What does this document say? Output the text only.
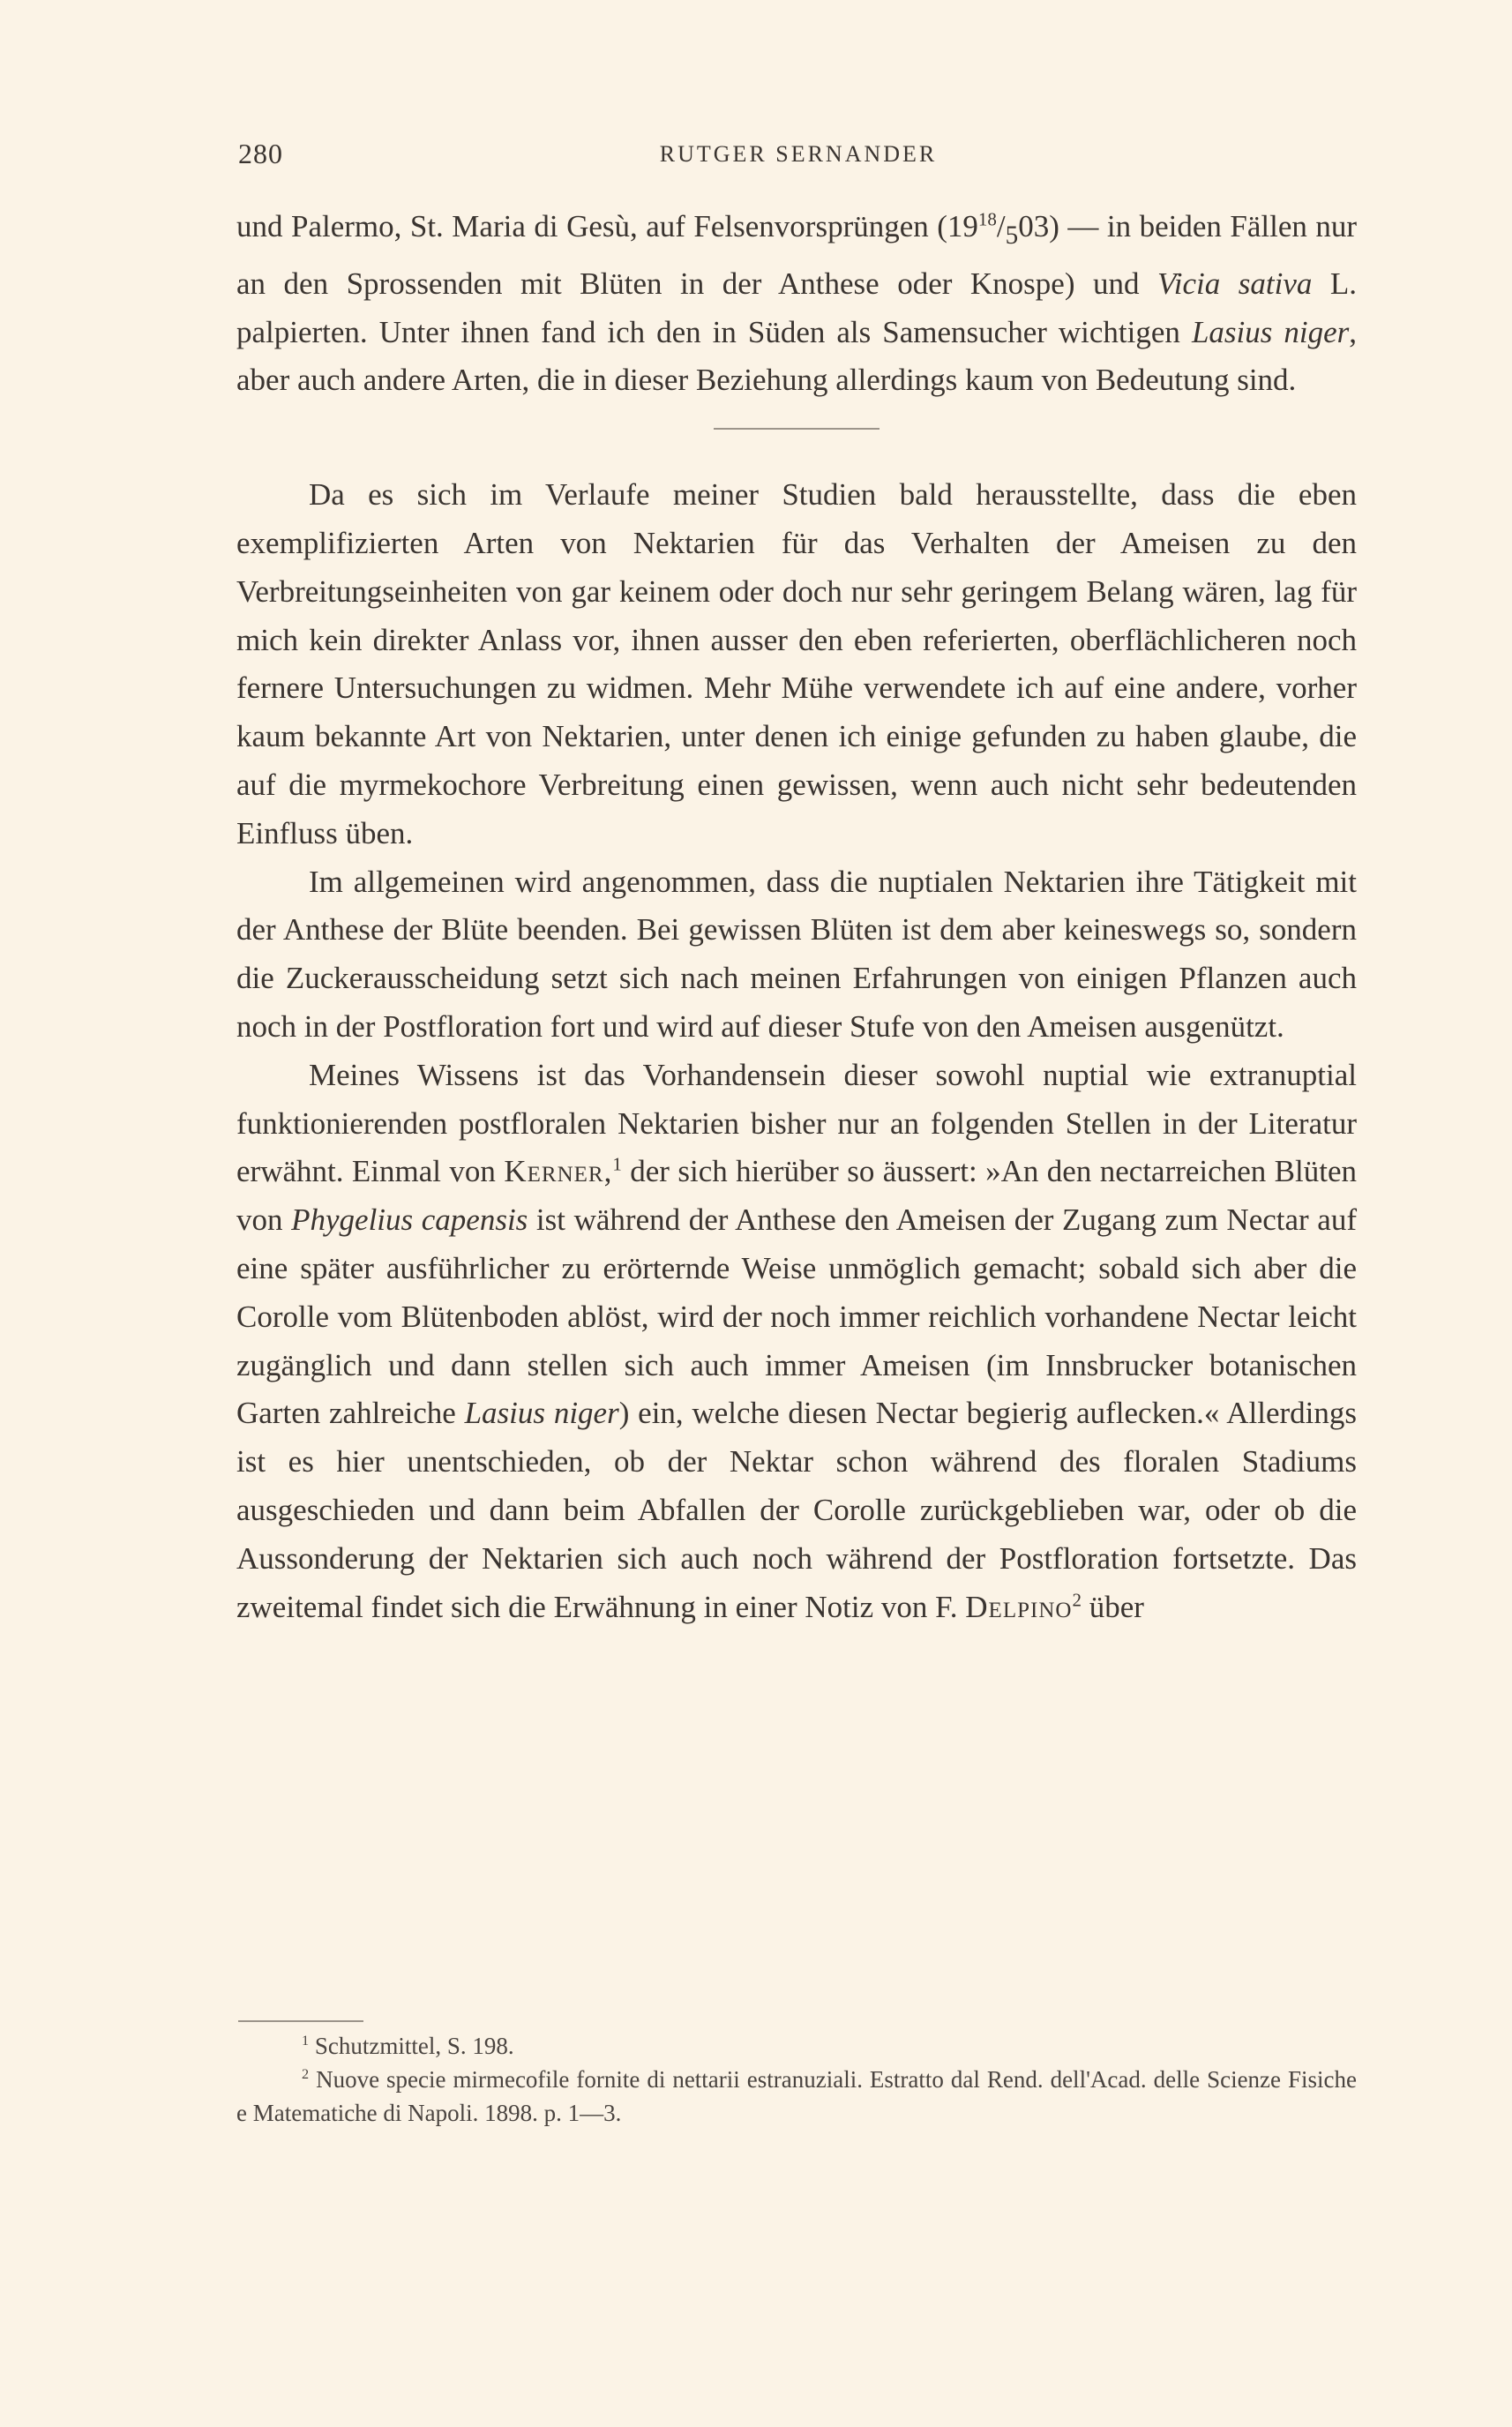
280	RUTGER SERNANDER

und Palermo, St. Maria di Gesù, auf Felsenvorsprüngen $(19^{18}/_503)$ — in beiden Fällen nur an den Sprossenden mit Blüten in der Anthese oder Knospe) und Vicia sativa L. palpierten. Unter ihnen fand ich den in Süden als Samensucher wichtigen Lasius niger, aber auch andere Arten, die in dieser Beziehung allerdings kaum von Bedeutung sind.

Da es sich im Verlaufe meiner Studien bald herausstellte, dass die eben exemplifizierten Arten von Nektarien für das Verhalten der Ameisen zu den Verbreitungseinheiten von gar keinem oder doch nur sehr geringem Belang wären, lag für mich kein direkter Anlass vor, ihnen ausser den eben referierten, oberflächlicheren noch fernere Untersuchungen zu widmen. Mehr Mühe verwendete ich auf eine andere, vorher kaum bekannte Art von Nektarien, unter denen ich einige gefunden zu haben glaube, die auf die myrmekochore Verbreitung einen gewissen, wenn auch nicht sehr bedeutenden Einfluss üben.

Im allgemeinen wird angenommen, dass die nuptialen Nektarien ihre Tätigkeit mit der Anthese der Blüte beenden. Bei gewissen Blüten ist dem aber keineswegs so, sondern die Zuckerausscheidung setzt sich nach meinen Erfahrungen von einigen Pflanzen auch noch in der Postfloration fort und wird auf dieser Stufe von den Ameisen ausgenützt.

Meines Wissens ist das Vorhandensein dieser sowohl nuptial wie extranuptial funktionierenden postfloralen Nektarien bisher nur an folgenden Stellen in der Literatur erwähnt. Einmal von Kerner,$^1$ der sich hierüber so äussert: »An den nectarreichen Blüten von Phygelius capensis ist während der Anthese den Ameisen der Zugang zum Nectar auf eine später ausführlicher zu erörternde Weise unmöglich gemacht; sobald sich aber die Corolle vom Blütenboden ablöst, wird der noch immer reichlich vorhandene Nectar leicht zugänglich und dann stellen sich auch immer Ameisen (im Innsbrucker botanischen Garten zahlreiche Lasius niger) ein, welche diesen Nectar begierig auflecken.« Allerdings ist es hier unentschieden, ob der Nektar schon während des floralen Stadiums ausgeschieden und dann beim Abfallen der Corolle zurückgeblieben war, oder ob die Aussonderung der Nektarien sich auch noch während der Postfloration fortsetzte. Das zweitemal findet sich die Erwähnung in einer Notiz von F. Delpino$^2$ über

$^1$ Schutzmittel, S. 198.

$^2$ Nuove specie mirmecofile fornite di nettarii estranuziali. Estratto dal Rend. dell'Acad. delle Scienze Fisiche e Matematiche di Napoli. 1898. p. 1—3.
